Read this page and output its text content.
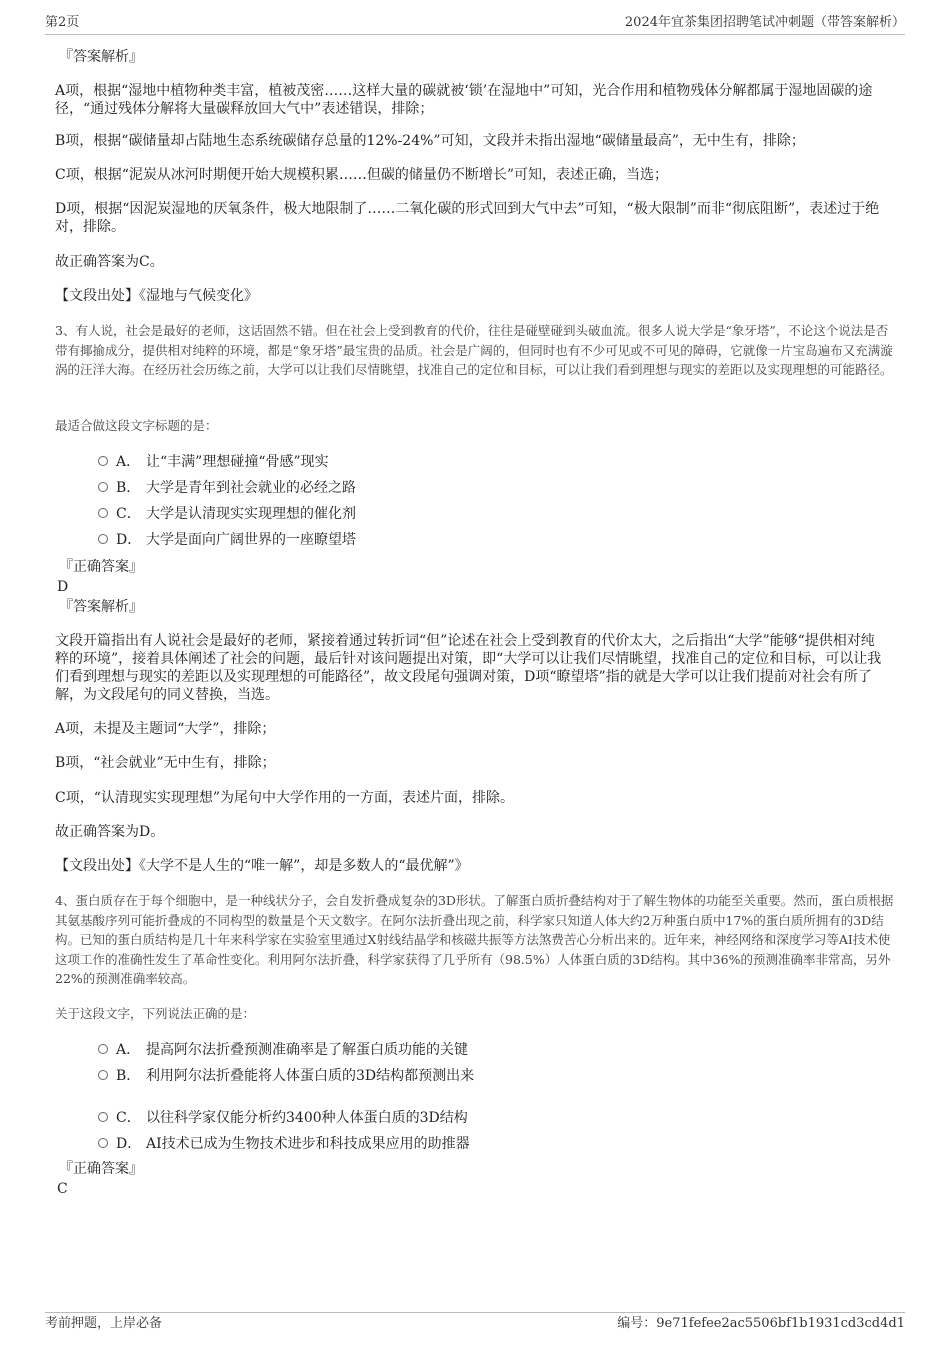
第2页	2024年宜茶集团招聘笔试冲刺题（带答案解析）
『答案解析』
A项，根据“湿地中植物种类丰富，植被茂密……这样大量的碳就被‘锁’在湿地中”可知，光合作用和植物残体分解都属于湿地固碳的途径，“通过残体分解将大量碳释放回大气中”表述错误，排除；
B项，根据“碳储量却占陆地生态系统碳储存总量的12%-24%”可知，文段并未指出湿地“碳储量最高”，无中生有，排除；
C项，根据“泥炭从冰河时期便开始大规模积累……但碳的储量仍不断增长”可知，表述正确，当选；
D项，根据“因泥炭湿地的厌氧条件，极大地限制了……二氧化碳的形式回到大气中去”可知，“极大限制”而非“彻底阻断”，表述过于绝对，排除。
故正确答案为C。
【文段出处】《湿地与气候变化》
3、有人说，社会是最好的老师，这话固然不错。但在社会上受到教育的代价，往往是碰壁碰到头破血流。很多人说大学是“象牙塔”，不论这个说法是否带有揶揄成分，提供相对纯粹的环境，都是“象牙塔”最宝贵的品质。社会是广阔的，但同时也有不少可见或不可见的障碍，它就像一片宝岛遍布又充满漩涡的汪洋大海。在经历社会历练之前，大学可以让我们尽情眺望，找准自己的定位和目标，可以让我们看到理想与现实的差距以及实现理想的可能路径。
最适合做这段文字标题的是：
A． 让“丰满”理想碰撞“骨感”现实
B． 大学是青年到社会就业的必经之路
C． 大学是认清现实实现理想的催化剂
D． 大学是面向广阔世界的一座瞭望塔
『正确答案』
D
『答案解析』
文段开篇指出有人说社会是最好的老师，紧接着通过转折词“但”论述在社会上受到教育的代价太大，之后指出“大学”能够“提供相对纯粹的环境”，接着具体阐述了社会的问题，最后针对该问题提出对策，即“大学可以让我们尽情眺望，找准自己的定位和目标，可以让我们看到理想与现实的差距以及实现理想的可能路径”，故文段尾句强调对策，D项“瞭望塔”指的就是大学可以让我们提前对社会有所了解，为文段尾句的同义替换，当选。
A项，未提及主题词“大学”，排除；
B项，“社会就业”无中生有，排除；
C项，“认清现实实现理想”为尾句中大学作用的一方面，表述片面，排除。
故正确答案为D。
【文段出处】《大学不是人生的“唯一解”，却是多数人的“最优解”》
4、蛋白质存在于每个细胞中，是一种线状分子，会自发折叠成复杂的3D形状。了解蛋白质折叠结构对于了解生物体的功能至关重要。然而，蛋白质根据其氨基酸序列可能折叠成的不同构型的数量是个天文数字。在阿尔法折叠出现之前，科学家只知道人体大约2万种蛋白质中17%的蛋白质所拥有的3D结构。已知的蛋白质结构是几十年来科学家在实验室里通过X射线结晶学和核磁共振等方法煞费苦心分析出来的。近年来，神经网络和深度学习等AI技术使这项工作的准确性发生了革命性变化。利用阿尔法折叠，科学家获得了几乎所有（98.5%）人体蛋白质的3D结构。其中36%的预测准确率非常高，另外22%的预测准确率较高。
关于这段文字，下列说法正确的是：
A． 提高阿尔法折叠预测准确率是了解蛋白质功能的关键
B． 利用阿尔法折叠能将人体蛋白质的3D结构都预测出来
C． 以往科学家仅能分析约3400种人体蛋白质的3D结构
D． AI技术已成为生物技术进步和科技成果应用的助推器
『正确答案』
C
考前押题，上岸必备	编号：9e71fefee2ac5506bf1b1931cd3cd4d1
